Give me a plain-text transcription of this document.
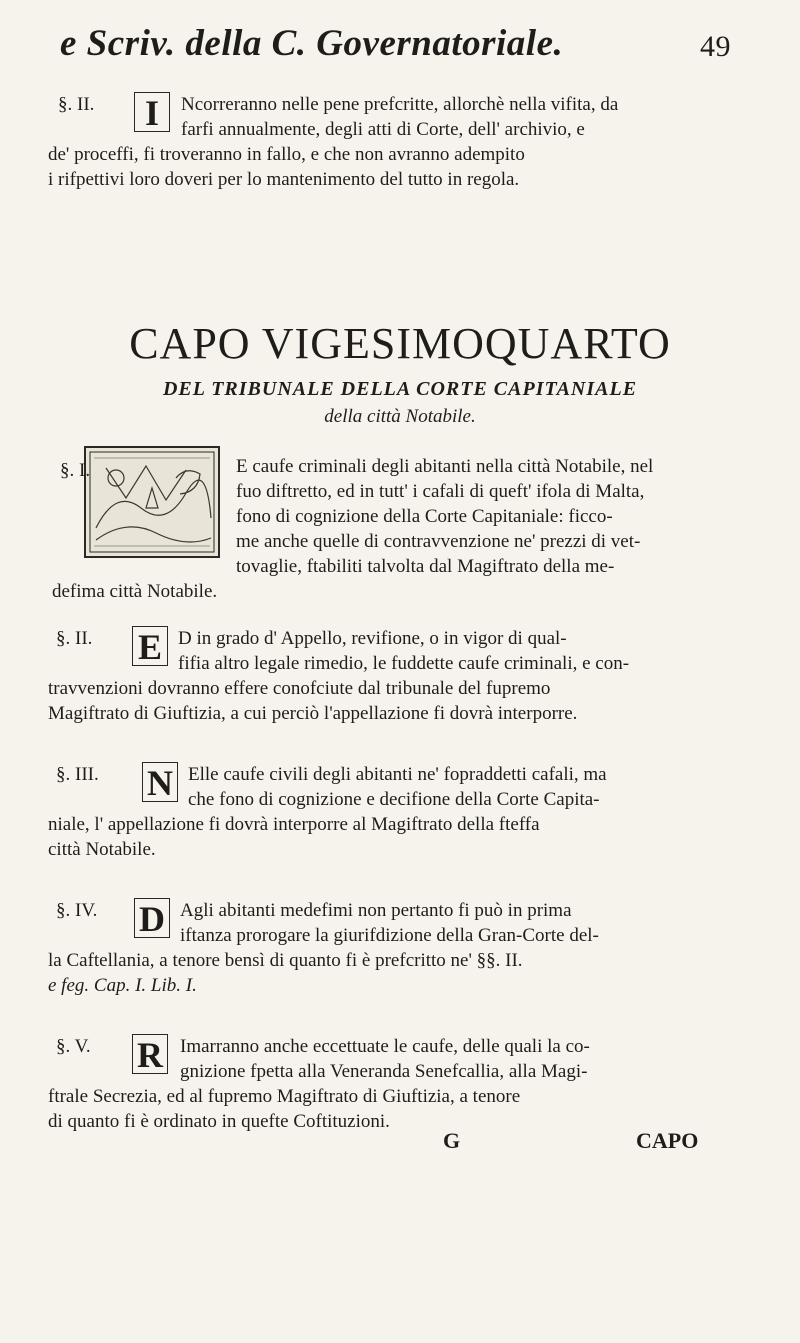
e Scriv. della C. Governatoriale.	49
§. II.	I	Ncorreranno nelle pene prefcritte, allorchè nella vifita, da
farfi annualmente, degli atti di Corte, dell' archivio, e
de' proceffi, fi troveranno in fallo, e che non avranno adempito
i rifpettivi loro doveri per lo mantenimento del tutto in regola.
CAPO VIGESIMOQUARTO
DEL TRIBUNALE DELLA CORTE CAPITANIALE
della città Notabile.
§. I.	E caufe criminali degli abitanti nella città Notabile, nel
fuo diftretto, ed in tutt' i cafali di queft' ifola di Malta,
fono di cognizione della Corte Capitaniale: ficco-
me anche quelle di contravvenzione ne' prezzi di vet-
tovaglie, ftabiliti talvolta dal Magiftrato della me-
defima città Notabile.
§. II. E D in grado d' Appello, revifione, o in vigor di qual-
fifia altro legale rimedio, le fuddette caufe criminali, e con-
travvenzioni dovranno effere conofciute dal tribunale del fupremo
Magiftrato di Giuftizia, a cui perciò l'appellazione fi dovrà interporre.
§. III. N Elle caufe civili degli abitanti ne' fopraddetti cafali, ma
che fono di cognizione e decifione della Corte Capita-
niale, l' appellazione fi dovrà interporre al Magiftrato della fteffa
città Notabile.
§. IV. D Agli abitanti medefimi non pertanto fi può in prima
iftanza prorogare la giurifdizione della Gran-Corte del-
la Caftellania, a tenore bensì di quanto fi è prefcritto ne' §§. II.
e feg. Cap. I. Lib. I.
§. V. R Imarranno anche eccettuate le caufe, delle quali la co-
gnizione fpetta alla Veneranda Senefcallia, alla Magi-
ftrale Secrezia, ed al fupremo Magiftrato di Giuftizia, a tenore
di quanto fi è ordinato in quefte Coftituzioni.
G	CAPO
